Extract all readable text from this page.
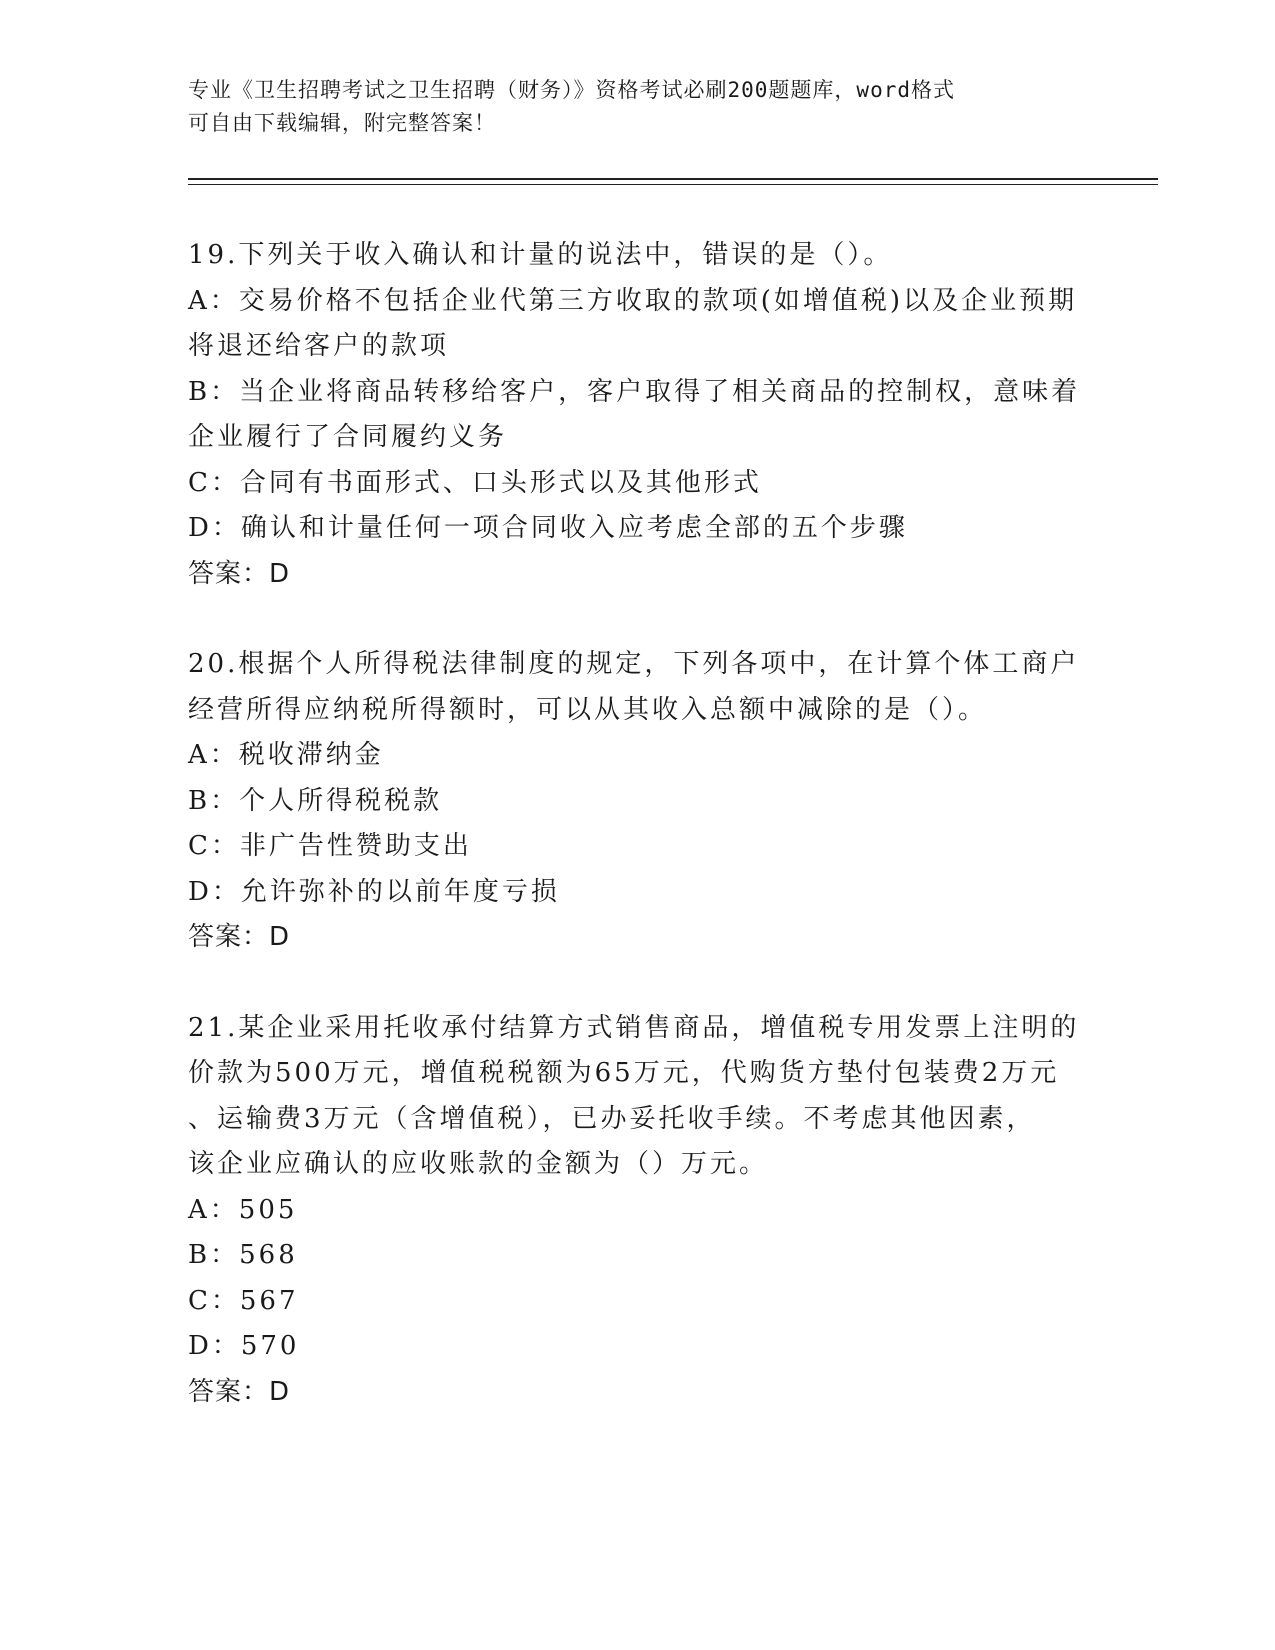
专业《卫生招聘考试之卫生招聘（财务）》资格考试必刷200题题库，word格式
可自由下载编辑，附完整答案！

19.下列关于收入确认和计量的说法中，错误的是（）。

A：交易价格不包括企业代第三方收取的款项(如增值税)以及企业预期

将退还给客户的款项

B：当企业将商品转移给客户，客户取得了相关商品的控制权，意味着

企业履行了合同履约义务

C：合同有书面形式、口头形式以及其他形式

D：确认和计量任何一项合同收入应考虑全部的五个步骤

答案：D

20.根据个人所得税法律制度的规定，下列各项中，在计算个体工商户

经营所得应纳税所得额时，可以从其收入总额中减除的是（）。

A：税收滞纳金

B：个人所得税税款

C：非广告性赞助支出

D：允许弥补的以前年度亏损

答案：D

21.某企业采用托收承付结算方式销售商品，增值税专用发票上注明的

价款为500万元，增值税税额为65万元，代购货方垫付包装费2万元

、运输费3万元（含增值税），已办妥托收手续。不考虑其他因素，

该企业应确认的应收账款的金额为（）万元。

A：505

B：568

C：567

D：570

答案：D
